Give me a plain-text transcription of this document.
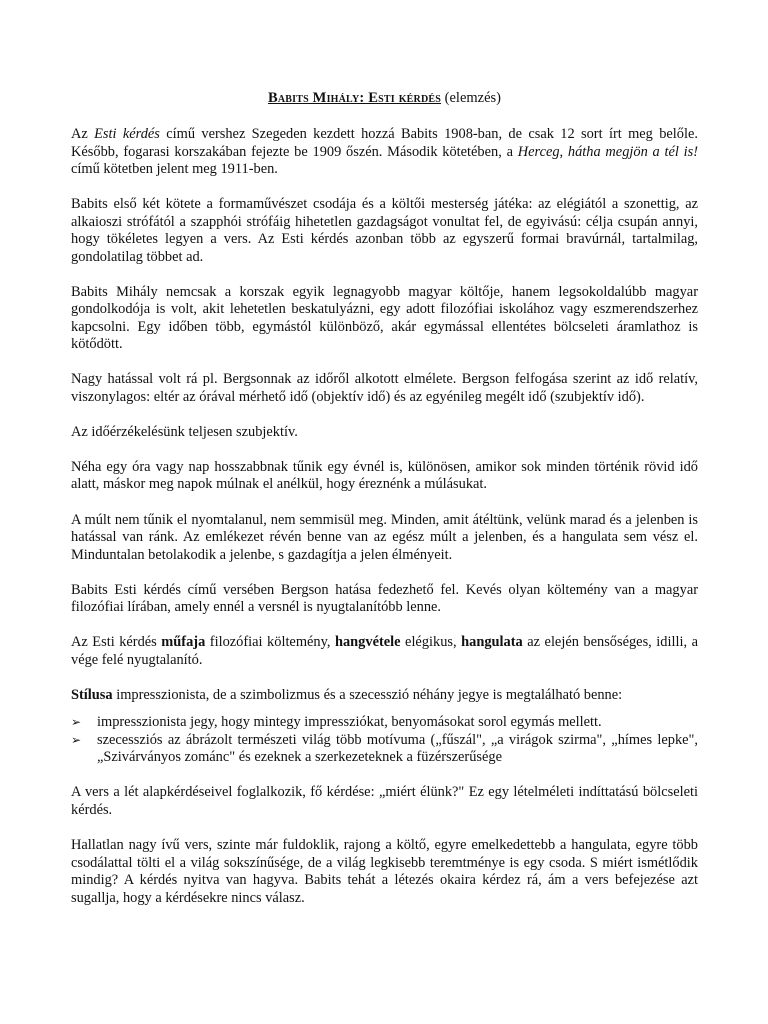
Babits Mihály: Esti kérdés (elemzés)

Az Esti kérdés című vershez Szegeden kezdett hozzá Babits 1908-ban, de csak 12 sort írt meg belőle. Később, fogarasi korszakában fejezte be 1909 őszén. Második kötetében, a Herceg, hátha megjön a tél is! című kötetben jelent meg 1911-ben.

Babits első két kötete a formaművészet csodája és a költői mesterség játéka: az elégiától a szonettig, az alkaioszi strófától a szapphói strófáig hihetetlen gazdagságot vonultat fel, de egyivású: célja csupán annyi, hogy tökéletes legyen a vers. Az Esti kérdés azonban több az egyszerű formai bravúrnál, tartalmilag, gondolatilag többet ad.

Babits Mihály nemcsak a korszak egyik legnagyobb magyar költője, hanem legsokoldalúbb magyar gondolkodója is volt, akit lehetetlen beskatulyázni, egy adott filozófiai iskolához vagy eszmerendszerhez kapcsolni. Egy időben több, egymástól különböző, akár egymással ellentétes bölcseleti áramlathoz is kötődött.

Nagy hatással volt rá pl. Bergsonnak az időről alkotott elmélete. Bergson felfogása szerint az idő relatív, viszonylagos: eltér az órával mérhető idő (objektív idő) és az egyénileg megélt idő (szubjektív idő).

Az időérzékelésünk teljesen szubjektív.

Néha egy óra vagy nap hosszabbnak tűnik egy évnél is, különösen, amikor sok minden történik rövid idő alatt, máskor meg napok múlnak el anélkül, hogy éreznénk a múlásukat.

A múlt nem tűnik el nyomtalanul, nem semmisül meg. Minden, amit átéltünk, velünk marad és a jelenben is hatással van ránk. Az emlékezet révén benne van az egész múlt a jelenben, és a hangulata sem vész el. Minduntalan betolakodik a jelenbe, s gazdagítja a jelen élményeit.

Babits Esti kérdés című versében Bergson hatása fedezhető fel. Kevés olyan költemény van a magyar filozófiai lírában, amely ennél a versnél is nyugtalanítóbb lenne.

Az Esti kérdés műfaja filozófiai költemény, hangvétele elégikus, hangulata az elején bensőséges, idilli, a vége felé nyugtalanító.

Stílusa impresszionista, de a szimbolizmus és a szecesszió néhány jegye is megtalálható benne:

➢ impresszionista jegy, hogy mintegy impressziókat, benyomásokat sorol egymás mellett.
➢ szecessziós az ábrázolt természeti világ több motívuma („fűszál", „a virágok szirma", „hímes lepke", „Szivárványos zománc" és ezeknek a szerkezeteknek a füzérszerűsége

A vers a lét alapkérdéseivel foglalkozik, fő kérdése: „miért élünk?" Ez egy lételméleti indíttatású bölcseleti kérdés.

Hallatlan nagy ívű vers, szinte már fuldoklik, rajong a költő, egyre emelkedettebb a hangulata, egyre több csodálattal tölti el a világ sokszínűsége, de a világ legkisebb teremtménye is egy csoda. S miért ismétlődik mindig? A kérdés nyitva van hagyva. Babits tehát a létezés okaira kérdez rá, ám a vers befejezése azt sugallja, hogy a kérdésekre nincs válasz.
